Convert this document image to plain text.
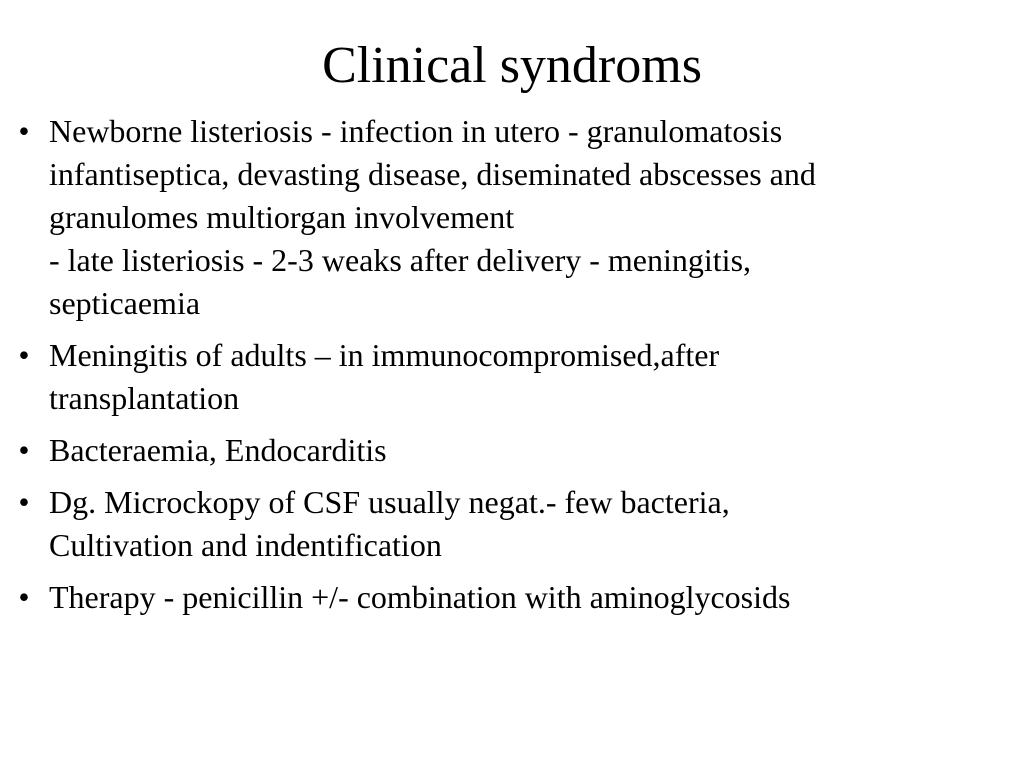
Clinical syndroms
• Newborne listeriosis - infection in utero - granulomatosis
infantiseptica, devasting disease, diseminated abscesses and
granulomes multiorgan involvement
- late listeriosis - 2-3 weaks after delivery - meningitis,
septicaemia
• Meningitis of adults – in immunocompromised,after
transplantation
• Bacteraemia, Endocarditis
• Dg. Microckopy of CSF usually negat.- few bacteria,
Cultivation and indentification
• Therapy - penicillin +/- combination with aminoglycosids
